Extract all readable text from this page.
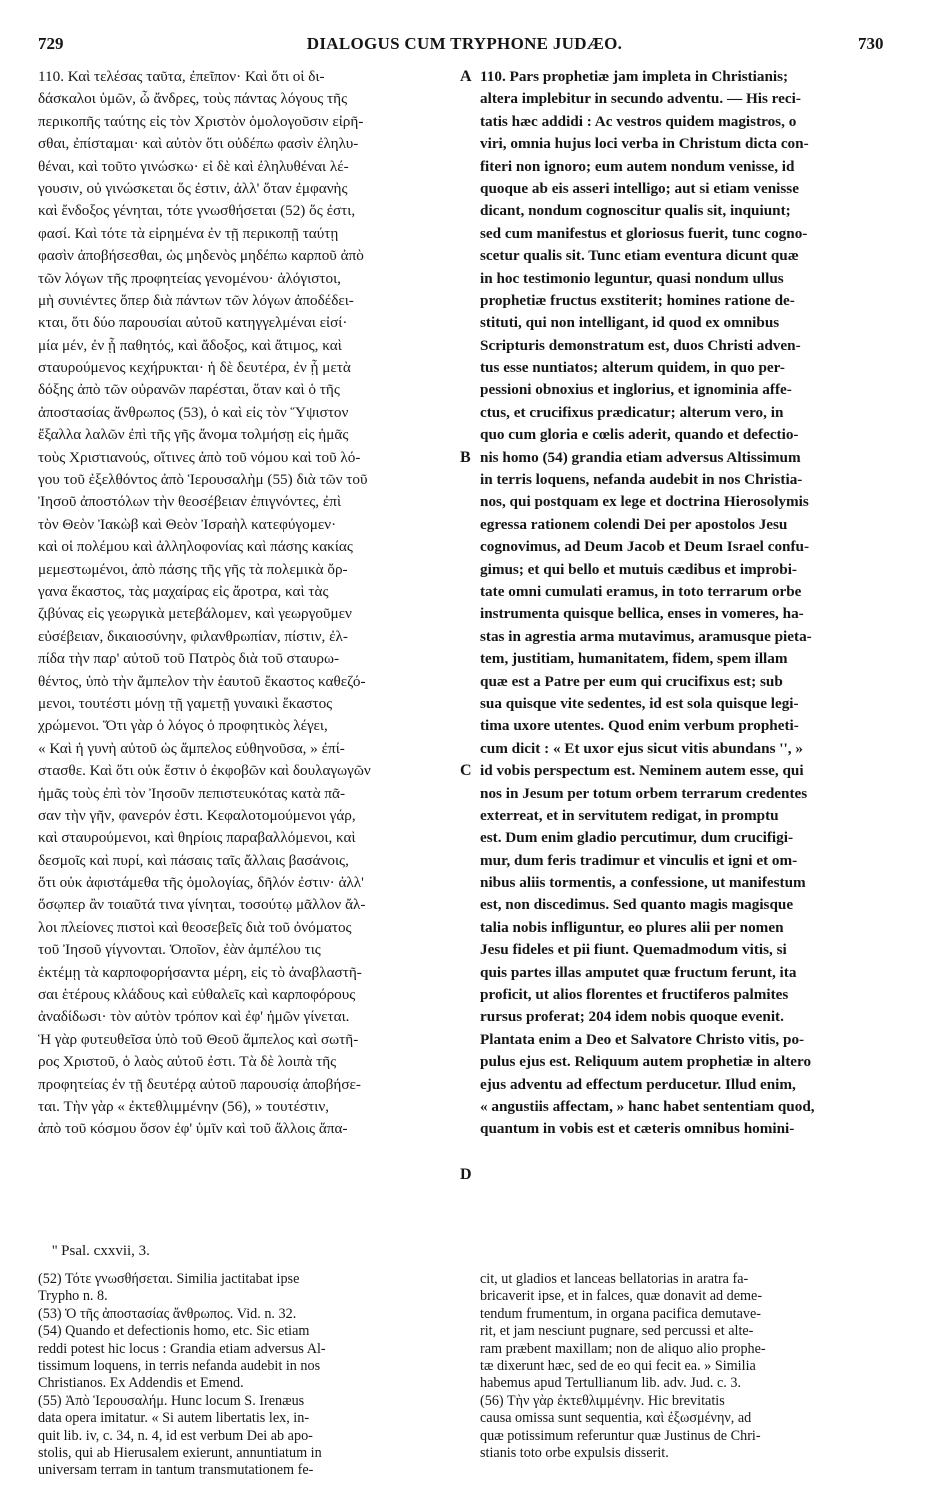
729	DIALOGUS CUM TRYPHONE JUDÆO.	730
110. Καὶ τελέσας ταῦτα, ἐπεῖπον· Καὶ ὅτι οἱ δι-
δάσκαλοι ὑμῶν, ὦ ἄνδρες, τοὺς πάντας λόγους τῆς
περικοπῆς ταύτης εἰς τὸν Χριστὸν ὁμολογοῦσιν εἰρῆ-
σθαι, ἐπίσταμαι· καὶ αὐτὸν ὅτι οὐδέπω φασὶν ἐληλυ-
θέναι, καὶ τοῦτο γινώσκω· εἰ δὲ καὶ ἐληλυθέναι λέ-
γουσιν, οὐ γινώσκεται ὅς ἐστιν, ἀλλ' ὅταν ἐμφανὴς
καὶ ἔνδοξος γένηται, τότε γνωσθήσεται (52) ὅς ἐστι,
φασί. Καὶ τότε τὰ εἰρημένα ἐν τῇ περικοπῇ ταύτῃ
φασὶν ἀποβήσεσθαι, ὡς μηδενὸς μηδέπω καρποῦ ἀπὸ
τῶν λόγων τῆς προφητείας γενομένου· ἀλόγιστοι,
μὴ συνιέντες ὅπερ διὰ πάντων τῶν λόγων ἀποδέδει-
κται, ὅτι δύο παρουσίαι αὐτοῦ κατηγγελμέναι εἰσί·
μία μέν, ἐν ᾗ παθητός, καὶ ἄδοξος, καὶ ἄτιμος, καὶ
σταυρούμενος κεχήρυκται· ἡ δὲ δευτέρα, ἐν ᾗ μετὰ
δόξης ἀπὸ τῶν οὐρανῶν παρέσται, ὅταν καὶ ὁ τῆς
ἀποστασίας ἄνθρωπος (53), ὁ καὶ εἰς τὸν Ὕψιστον
ἔξαλλα λαλῶν ἐπὶ τῆς γῆς ἄνομα τολμήσῃ εἰς ἡμᾶς
τοὺς Χριστιανούς, οἵτινες ἀπὸ τοῦ νόμου καὶ τοῦ λό-
γου τοῦ ἐξελθόντος ἀπὸ Ἱερουσαλὴμ (55) διὰ τῶν τοῦ
Ἰησοῦ ἀποστόλων τὴν θεοσέβειαν ἐπιγνόντες, ἐπὶ
τὸν Θεὸν Ἰακὼβ καὶ Θεὸν Ἰσραὴλ κατεφύγομεν·
καὶ οἱ πολέμου καὶ ἀλληλοφονίας καὶ πάσης κακίας
μεμεστωμένοι, ἀπὸ πάσης τῆς γῆς τὰ πολεμικὰ ὄρ-
γανα ἕκαστος, τὰς μαχαίρας εἰς ἄροτρα, καὶ τὰς
ζιβύνας εἰς γεωργικὰ μετεβάλομεν, καὶ γεωργοῦμεν
εὐσέβειαν, δικαιοσύνην, φιλανθρωπίαν, πίστιν, ἐλ-
πίδα τὴν παρ' αὐτοῦ τοῦ Πατρὸς διὰ τοῦ σταυρω-
θέντος, ὑπὸ τὴν ἄμπελον τὴν ἑαυτοῦ ἕκαστος καθεζό-
μενοι, τουτέστι μόνῃ τῇ γαμετῇ γυναικὶ ἕκαστος
χρώμενοι. Ὅτι γὰρ ὁ λόγος ὁ προφητικὸς λέγει,
« Καὶ ἡ γυνὴ αὐτοῦ ὡς ἄμπελος εὐθηνοῦσα, » ἐπί-
στασθε. Καὶ ὅτι οὐκ ἔστιν ὁ ἐκφοβῶν καὶ δουλαγωγῶν
ἡμᾶς τοὺς ἐπὶ τὸν Ἰησοῦν πεπιστευκότας κατὰ πᾶ-
σαν τὴν γῆν, φανερόν ἐστι. Κεφαλοτομούμενοι γάρ,
καὶ σταυρούμενοι, καὶ θηρίοις παραβαλλόμενοι, καὶ
δεσμοῖς καὶ πυρί, καὶ πάσαις ταῖς ἄλλαις βασάνοις,
ὅτι οὐκ ἀφιστάμεθα τῆς ὁμολογίας, δῆλόν ἐστιν· ἀλλ'
ὅσῳπερ ἂν τοιαῦτά τινα γίνηται, τοσούτῳ μᾶλλον ἄλ-
λοι πλείονες πιστοὶ καὶ θεοσεβεῖς διὰ τοῦ ὀνόματος
τοῦ Ἰησοῦ γίγνονται. Ὁποῖον, ἐὰν ἀμπέλου τις
ἐκτέμῃ τὰ καρποφορήσαντα μέρη, εἰς τὸ ἀναβλαστῆ-
σαι ἑτέρους κλάδους καὶ εὐθαλεῖς καὶ καρποφόρους
ἀναδίδωσι· τὸν αὐτὸν τρόπον καὶ ἐφ' ἡμῶν γίνεται.
Ἡ γὰρ φυτευθεῖσα ὑπὸ τοῦ Θεοῦ ἄμπελος καὶ σωτῆ-
ρος Χριστοῦ, ὁ λαὸς αὐτοῦ ἐστι. Τὰ δὲ λοιπὰ τῆς
προφητείας ἐν τῇ δευτέρᾳ αὐτοῦ παρουσίᾳ ἀποβήσε-
ται. Τὴν γὰρ « ἐκτεθλιμμένην (56), » τουτέστιν,
ἀπὸ τοῦ κόσμου ὅσον ἐφ' ὑμῖν καὶ τοῦ ἄλλοις ἅπα-
A
B
C
D
110. Pars prophetiæ jam impleta in Christianis;
altera implebitur in secundo adventu. — His reci-
tatis hæc addidi : Ac vestros quidem magistros, o
viri, omnia hujus loci verba in Christum dicta con-
fiteri non ignoro; eum autem nondum venisse, id
quoque ab eis asseri intelligo; aut si etiam venisse
dicant, nondum cognoscitur qualis sit, inquiunt;
sed cum manifestus et gloriosus fuerit, tunc cogno-
scetur qualis sit. Tunc etiam eventura dicunt quæ
in hoc testimonio leguntur, quasi nondum ullus
prophetiæ fructus exstiterit; homines ratione de-
stituti, qui non intelligant, id quod ex omnibus
Scripturis demonstratum est, duos Christi adven-
tus esse nuntiatos; alterum quidem, in quo per-
pessioni obnoxius et inglorius, et ignominia affe-
ctus, et crucifixus prædicatur; alterum vero, in
quo cum gloria e cœlis aderit, quando et defectio-
nis homo (54) grandia etiam adversus Altissimum
in terris loquens, nefanda audebit in nos Christia-
nos, qui postquam ex lege et doctrina Hierosolymis
egressa rationem colendi Dei per apostolos Jesu
cognovimus, ad Deum Jacob et Deum Israel confu-
gimus; et qui bello et mutuis cædibus et improbi-
tate omni cumulati eramus, in toto terrarum orbe
instrumenta quisque bellica, enses in vomeres, ha-
stas in agrestia arma mutavimus, aramusque pieta-
tem, justitiam, humanitatem, fidem, spem illam
quæ est a Patre per eum qui crucifixus est; sub
sua quisque vite sedentes, id est sola quisque legi-
tima uxore utentes. Quod enim verbum propheti-
cum dicit : « Et uxor ejus sicut vitis abundans '', »
id vobis perspectum est. Neminem autem esse, qui
nos in Jesum per totum orbem terrarum credentes
exterreat, et in servitutem redigat, in promptu
est. Dum enim gladio percutimur, dum crucifigi-
mur, dum feris tradimur et vinculis et igni et om-
nibus aliis tormentis, a confessione, ut manifestum
est, non discedimus. Sed quanto magis magisque
talia nobis infliguntur, eo plures alii per nomen
Jesu fideles et pii fiunt. Quemadmodum vitis, si
quis partes illas amputet quæ fructum ferunt, ita
proficit, ut alios florentes et fructiferos palmites
rursus proferat; 204 idem nobis quoque evenit.
Plantata enim a Deo et Salvatore Christo vitis, po-
pulus ejus est. Reliquum autem prophetiæ in altero
ejus adventu ad effectum perducetur. Illud enim,
« angustiis affectam, » hanc habet sententiam quod,
quantum in vobis est et cæteris omnibus homini-
'' Psal. cxxvii, 3.
(52) Τότε γνωσθήσεται. Similia jactitabat ipse
Trypho n. 8.
(53) Ὁ τῆς ἀποστασίας ἄνθρωπος. Vid. n. 32.
(54) Quando et defectionis homo, etc. Sic etiam
reddi potest hic locus : Grandia etiam adversus Al-
tissimum loquens, in terris nefanda audebit in nos
Christianos. Ex Addendis et Emend.
(55) Ἀπὸ Ἱερουσαλήμ. Hunc locum S. Irenæus
data opera imitatur. « Si autem libertatis lex, in-
quit lib. iv, c. 34, n. 4, id est verbum Dei ab apo-
stolis, qui ab Hierusalem exierunt, annuntiatum in
universam terram in tantum transmutationem fe-
cit, ut gladios et lanceas bellatorias in aratra fa-
bricaverit ipse, et in falces, quæ donavit ad deme-
tendum frumentum, in organa pacifica demutave-
rit, et jam nesciunt pugnare, sed percussi et alte-
ram præbent maxillam; non de aliquo alio prophe-
tæ dixerunt hæc, sed de eo qui fecit ea. » Similia
habemus apud Tertullianum lib. adv. Jud. c. 3.
(56) Τὴν γὰρ ἐκτεθλιμμένην. Hic brevitatis
causa omissa sunt sequentia, καὶ ἐξωσμένην, ad
quæ potissimum referuntur quæ Justinus de Chri-
stianis toto orbe expulsis disserit.
